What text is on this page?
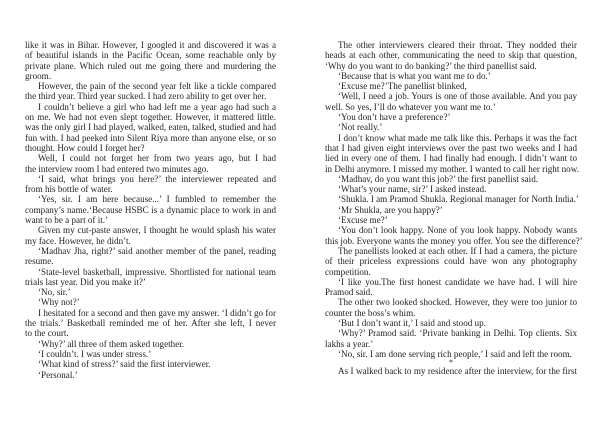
like it was in Bihar. However, I googled it and discovered it was a
of beautiful islands in the Pacific Ocean, some reachable only by
private plane. Which ruled out me going there and murdering the
groom.
However, the pain of the second year felt like a tickle compared
the third year. Third year sucked. I had zero ability to get over her.
I couldn’t believe a girl who had left me a year ago had such a
on me. We had not even slept together. However, it mattered little.
was the only girl I had played, walked, eaten, talked, studied and had
fun with. I had peeked into Silent Riya more than anyone else, or so
thought. How could I forget her?
Well, I could not forget her from two years ago, but I had
the interview room I had entered two minutes ago.
‘I said, what brings you here?’ the interviewer repeated and
from his bottle of water.
‘Yes, sir. I am here because...’ I fumbled to remember the
company’s name.‘Because HSBC is a dynamic place to work in and
want to be a part of it.’
Given my cut-paste answer, I thought he would splash his water
my face. However, he didn’t.
‘Madhav Jha, right?’ said another member of the panel, reading
resume.
‘State-level basketball, impressive. Shortlisted for national team
trials last year. Did you make it?’
‘No, sir.’
‘Why not?’
I hesitated for a second and then gave my answer. ‘I didn’t go for
the trials.’ Basketball reminded me of her. After she left, I never
to the court.
‘Why?’ all three of them asked together.
‘I couldn’t. I was under stress.’
‘What kind of stress?’ said the first interviewer.
‘Personal.’
The other interviewers cleared their throat. They nodded their
heads at each other, communicating the need to skip that question,
‘Why do you want to do banking?’ the third panellist said.
‘Because that is what you want me to do.’
‘Excuse me?’The panellist blinked,
‘Well, I need a job. Yours is one of those available. And you pay
well. So yes, I’ll do whatever you want me to.’
‘You don’t have a preference?’
‘Not really.’
I don’t know what made me talk like this. Perhaps it was the fact
that I had given eight interviews over the past two weeks and I had
lied in every one of them. I had finally had enough. I didn’t want to
in Delhi anymore. I missed my mother. I wanted to call her right now.
‘Madhav, do you want this job?’ the first panellist said.
‘What’s your name, sir?’ I asked instead.
‘Shukla. I am Pramod Shukla. Regional manager for North India.’
‘Mr Shukla, are you happy?’
‘Excuse me?’
‘You don’t look happy. None of you look happy. Nobody wants
this job. Everyone wants the money you offer. You see the difference?’
The panellists looked at each other. If I had a camera, the picture
of their priceless expressions could have won any photography
competition.
‘I like you.The first honest candidate we have had. I will hire
Pramod said.
The other two looked shocked. However, they were too junior to
counter the boss’s whim.
‘But I don’t want it,’ I said and stood up.
‘Why?’ Pramod said. ‘Private banking in Delhi. Top clients. Six
lakhs a year.’
‘No, sir. I am done serving rich people,’ I said and left the room.
*
As I walked back to my residence after the interview, for the first
